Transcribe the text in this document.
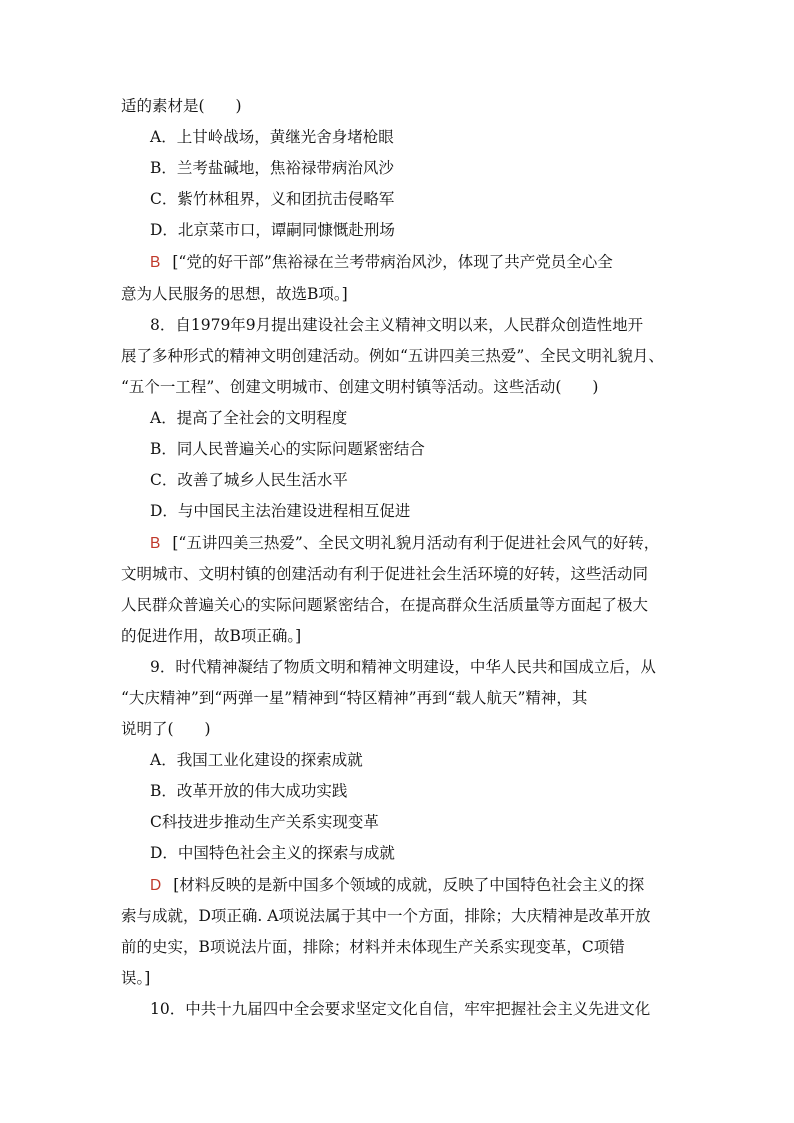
适的素材是(　　)
A．上甘岭战场，黄继光舍身堵枪眼
B．兰考盐碱地，焦裕禄带病治风沙
C．紫竹林租界，义和团抗击侵略军
D．北京菜市口，谭嗣同慷慨赴刑场
B [“党的好干部”焦裕禄在兰考带病治风沙，体现了共产党员全心全
意为人民服务的思想，故选B项。]
8．自1979年9月提出建设社会主义精神文明以来，人民群众创造性地开
展了多种形式的精神文明创建活动。例如“五讲四美三热爱”、全民文明礼貌月、
“五个一工程”、创建文明城市、创建文明村镇等活动。这些活动(　　)
A．提高了全社会的文明程度
B．同人民普遍关心的实际问题紧密结合
C．改善了城乡人民生活水平
D．与中国民主法治建设进程相互促进
B [“五讲四美三热爱”、全民文明礼貌月活动有利于促进社会风气的好转，
文明城市、文明村镇的创建活动有利于促进社会生活环境的好转，这些活动同
人民群众普遍关心的实际问题紧密结合，在提高群众生活质量等方面起了极大
的促进作用，故B项正确。]
9．时代精神凝结了物质文明和精神文明建设，中华人民共和国成立后，从
“大庆精神”到“两弹一星”精神到“特区精神”再到“载人航天”精神，其
说明了(　　)
A．我国工业化建设的探索成就
B．改革开放的伟大成功实践
C科技进步推动生产关系实现变革
D．中国特色社会主义的探索与成就
D [材料反映的是新中国多个领域的成就，反映了中国特色社会主义的探
索与成就，D项正确. A项说法属于其中一个方面，排除；大庆精神是改革开放
前的史实，B项说法片面，排除；材料并未体现生产关系实现变革，C项错
误。]
10．中共十九届四中全会要求坚定文化自信，牢牢把握社会主义先进文化
